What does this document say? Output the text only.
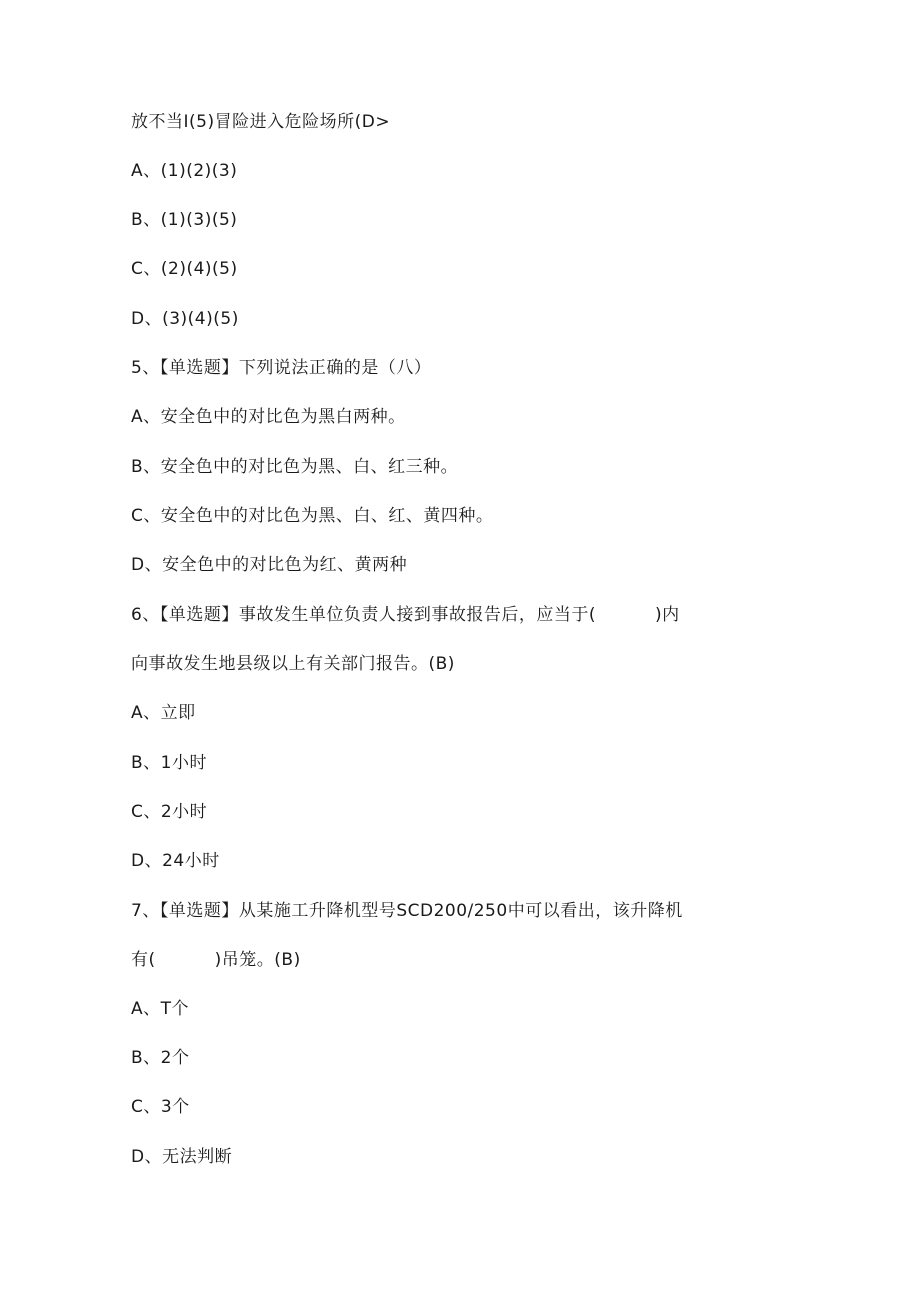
放不当I(5)冒险进入危险场所(D>
A、(1)(2)(3)
B、(1)(3)(5)
C、(2)(4)(5)
D、(3)(4)(5)
5、【单选题】下列说法正确的是（八）
A、安全色中的对比色为黑白两种。
B、安全色中的对比色为黑、白、红三种。
C、安全色中的对比色为黑、白、红、黄四种。
D、安全色中的对比色为红、黄两种
6、【单选题】事故发生单位负责人接到事故报告后，应当于(          )内
向事故发生地县级以上有关部门报告。(B)
A、立即
B、1小时
C、2小时
D、24小时
7、【单选题】从某施工升降机型号SCD200/250中可以看出，该升降机
有(          )吊笼。(B)
A、T个
B、2个
C、3个
D、无法判断
